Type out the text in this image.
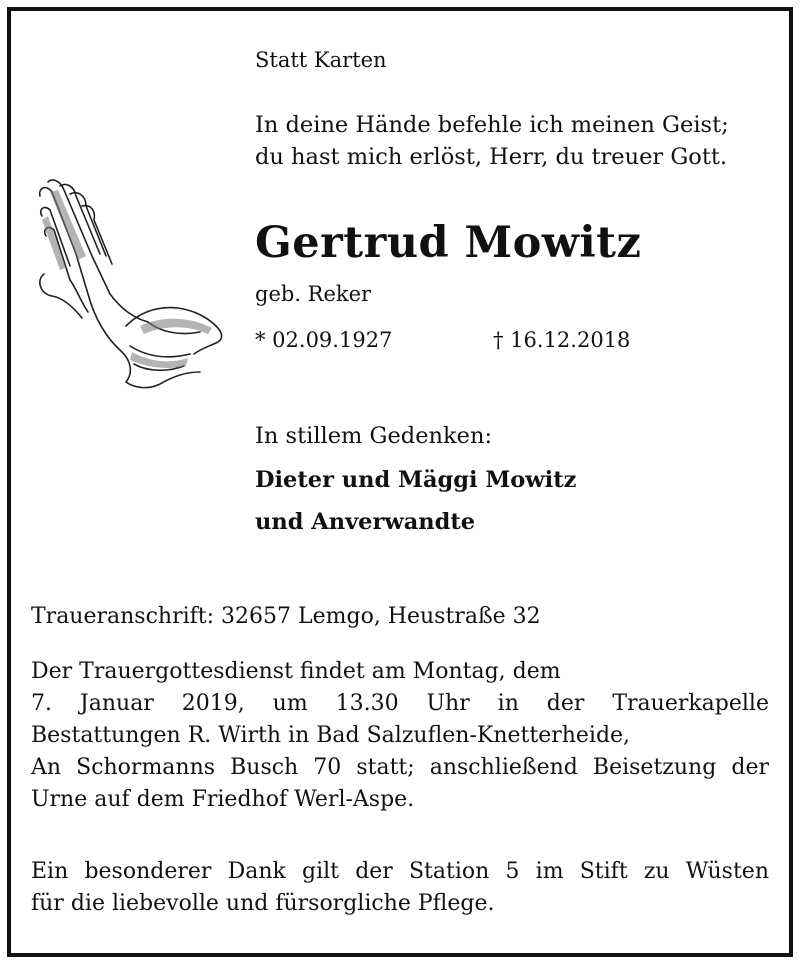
Statt Karten
In deine Hände befehle ich meinen Geist;
du hast mich erlöst, Herr, du treuer Gott.
Gertrud Mowitz
geb. Reker
* 02.09.1927	† 16.12.2018
In stillem Gedenken:
Dieter und Mäggi Mowitz
und Anverwandte
Traueranschrift: 32657 Lemgo, Heustraße 32
Der Trauergottesdienst findet am Montag, dem
7. Januar 2019, um 13.30 Uhr in der Trauerkapelle
Bestattungen R. Wirth in Bad Salzuflen-Knetterheide,
An Schormanns Busch 70 statt; anschließend Beisetzung der
Urne auf dem Friedhof Werl-Aspe.
Ein besonderer Dank gilt der Station 5 im Stift zu Wüsten
für die liebevolle und fürsorgliche Pflege.
